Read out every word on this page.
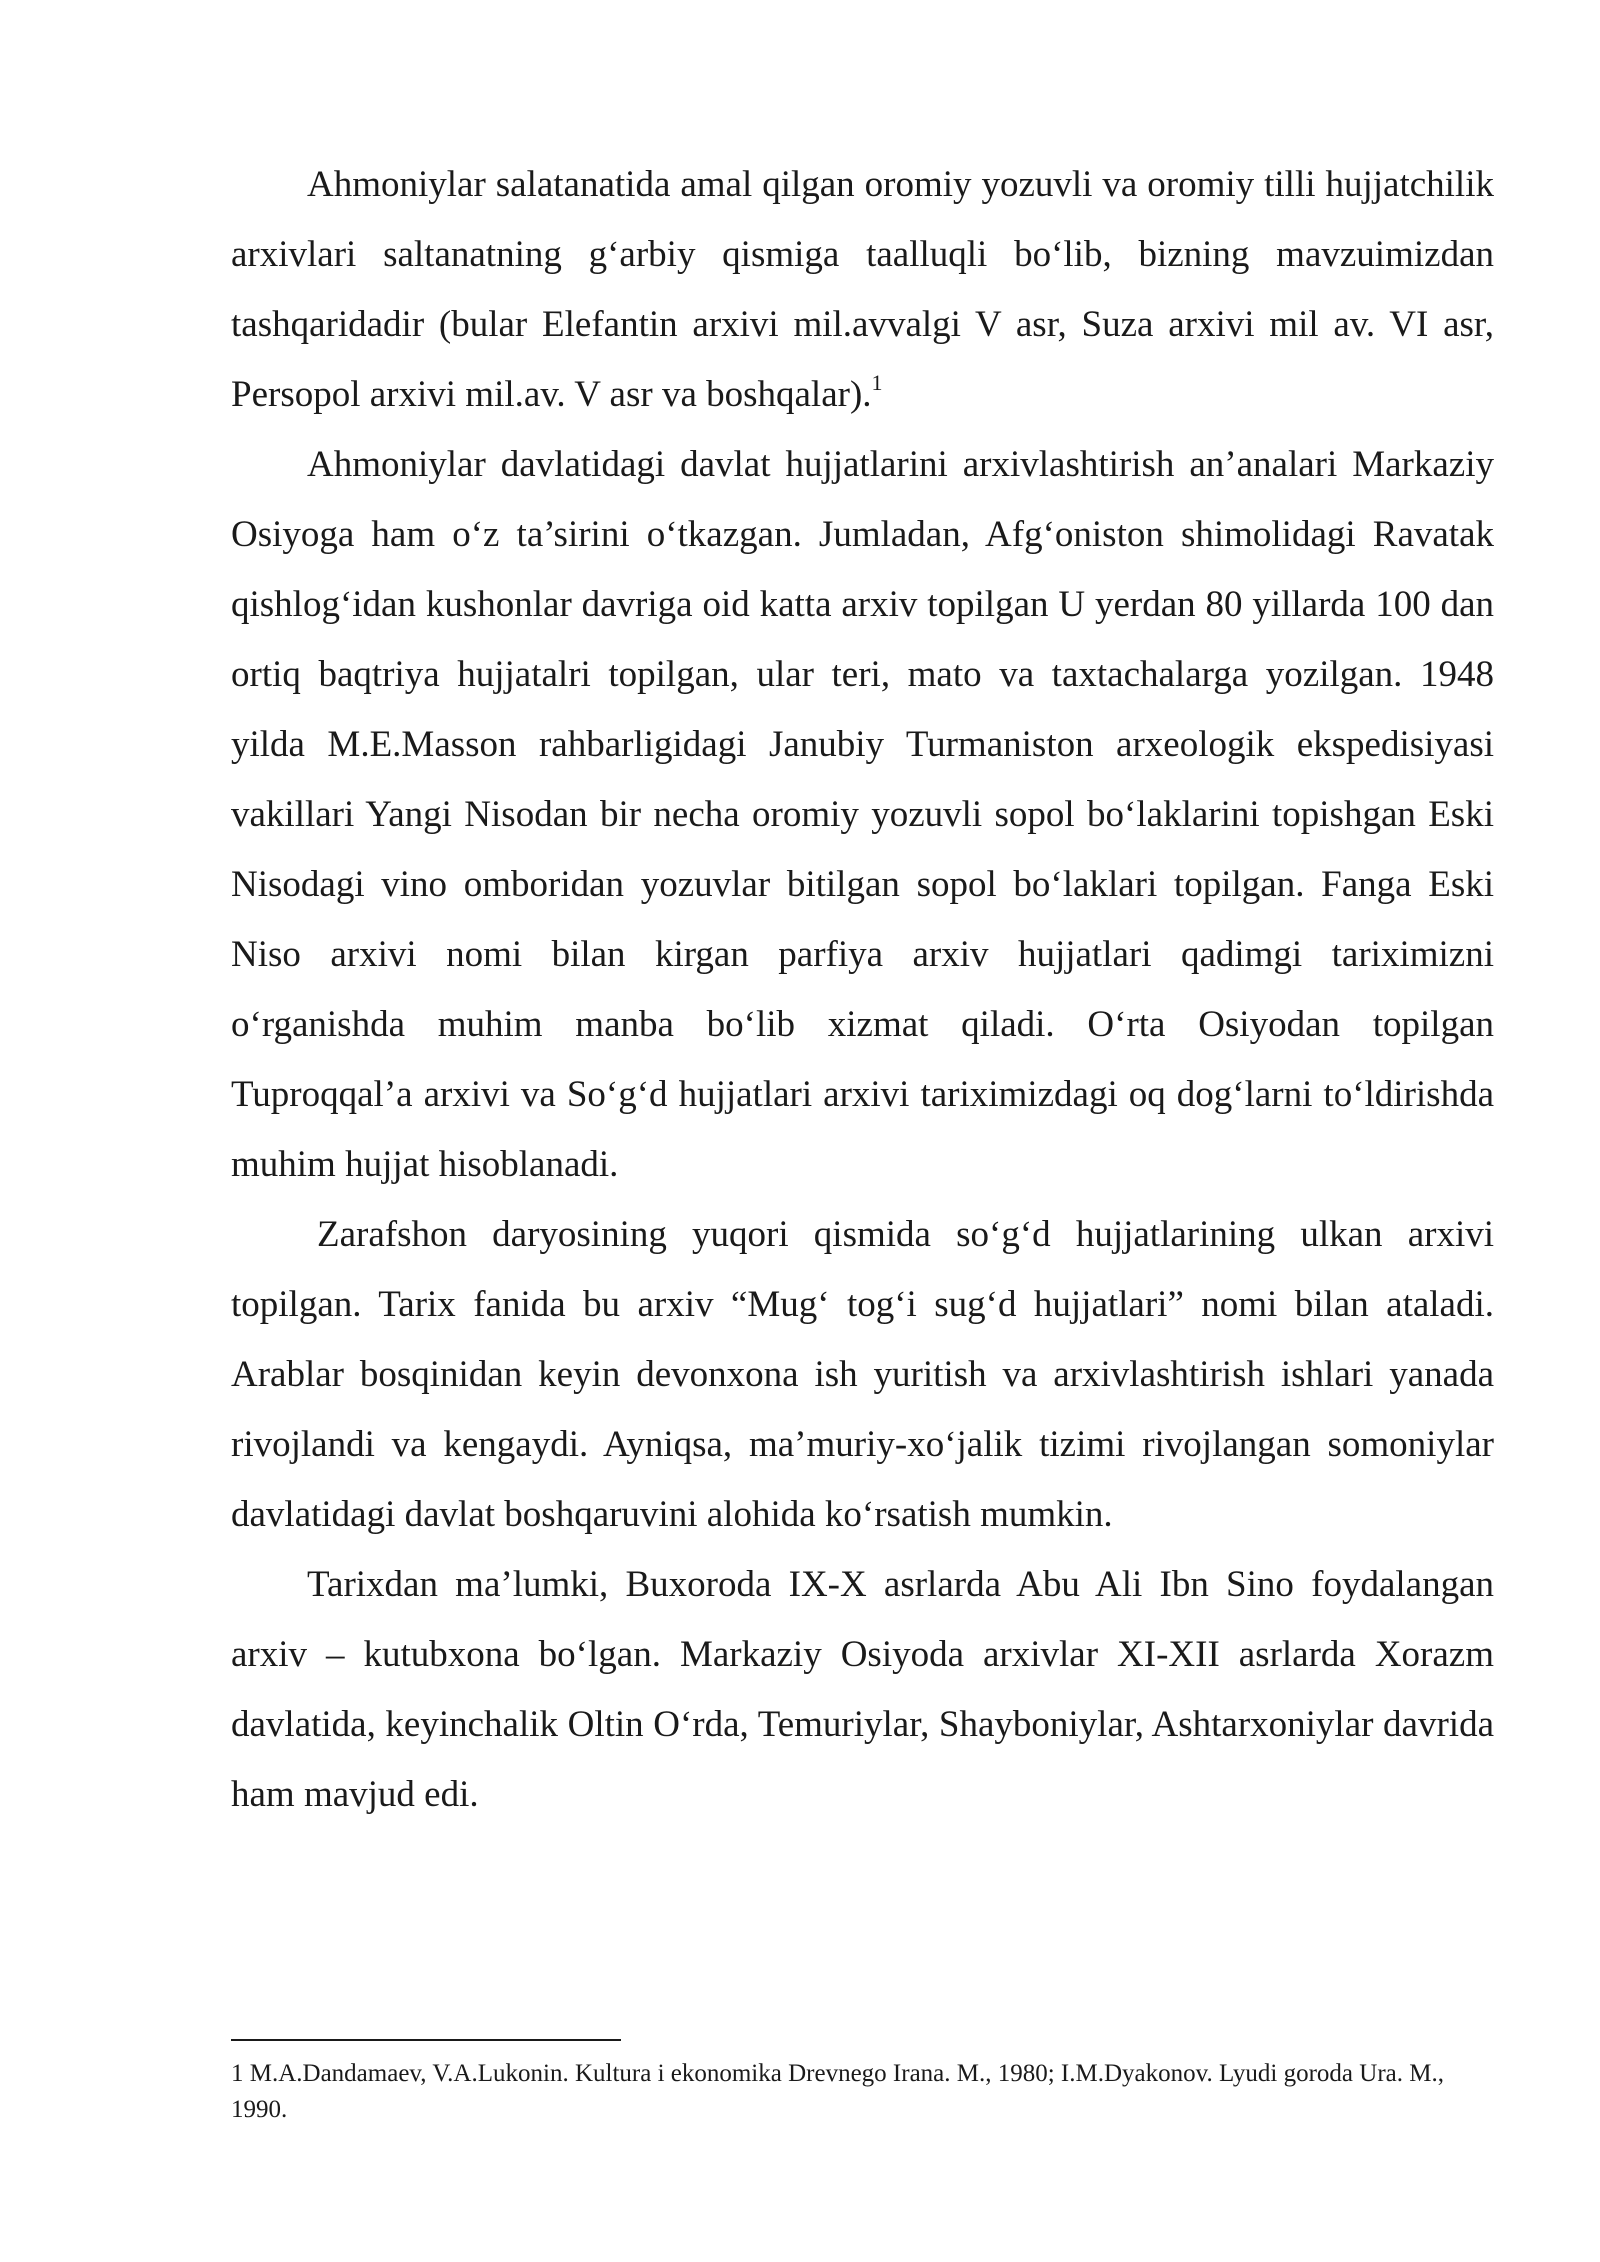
Ahmoniylar salatanatida amal qilgan oromiy yozuvli va oromiy tilli hujjatchilik arxivlari saltanatning g‘arbiy qismiga taalluqli bo‘lib, bizning mavzuimizdan tashqaridadir (bular Elefantin arxivi mil.avvalgi V asr, Suza arxivi mil av. VI asr, Persopol arxivi mil.av. V asr va boshqalar).$^1$

Ahmoniylar davlatidagi davlat hujjatlarini arxivlashtirish an’analari Markaziy Osiyoga ham o‘z ta’sirini o‘tkazgan. Jumladan, Afg‘oniston shimolidagi Ravatak qishlog‘idan kushonlar davriga oid katta arxiv topilgan U yerdan 80 yillarda 100 dan ortiq baqtriya hujjatalri topilgan, ular teri, mato va taxtachalarga yozilgan. 1948 yilda M.E.Masson rahbarligidagi Janubiy Turmaniston arxeologik ekspedisiyasi vakillari Yangi Nisodan bir necha oromiy yozuvli sopol bo‘laklarini topishgan Eski Nisodagi vino omboridan yozuvlar bitilgan sopol bo‘laklari topilgan. Fanga Eski Niso arxivi nomi bilan kirgan parfiya arxiv hujjatlari qadimgi tariximizni o‘rganishda muhim manba bo‘lib xizmat qiladi. O‘rta Osiyodan topilgan Tuproqqal’a arxivi va So‘g‘d hujjatlari arxivi tariximizdagi oq dog‘larni to‘ldirishda muhim hujjat hisoblanadi.

Zarafshon daryosining yuqori qismida so‘g‘d hujjatlarining ulkan arxivi topilgan. Tarix fanida bu arxiv “Mug‘ tog‘i sug‘d hujjatlari” nomi bilan ataladi. Arablar bosqinidan keyin devonxona ish yuritish va arxivlashtirish ishlari yanada rivojlandi va kengaydi. Ayniqsa, ma’muriy-xo‘jalik tizimi rivojlangan somoniylar davlatidagi davlat boshqaruvini alohida ko‘rsatish mumkin.

Tarixdan ma’lumki, Buxoroda IX-X asrlarda Abu Ali Ibn Sino foydalangan arxiv – kutubxona bo‘lgan. Markaziy Osiyoda arxivlar XI-XII asrlarda Xorazm davlatida, keyinchalik Oltin O‘rda, Temuriylar, Shayboniylar, Ashtarxoniylar davrida ham mavjud edi.

1 M.A.Dandamaev, V.A.Lukonin. Kultura i ekonomika Drevnego Irana. M., 1980; I.M.Dyakonov. Lyudi goroda Ura. M., 1990.
